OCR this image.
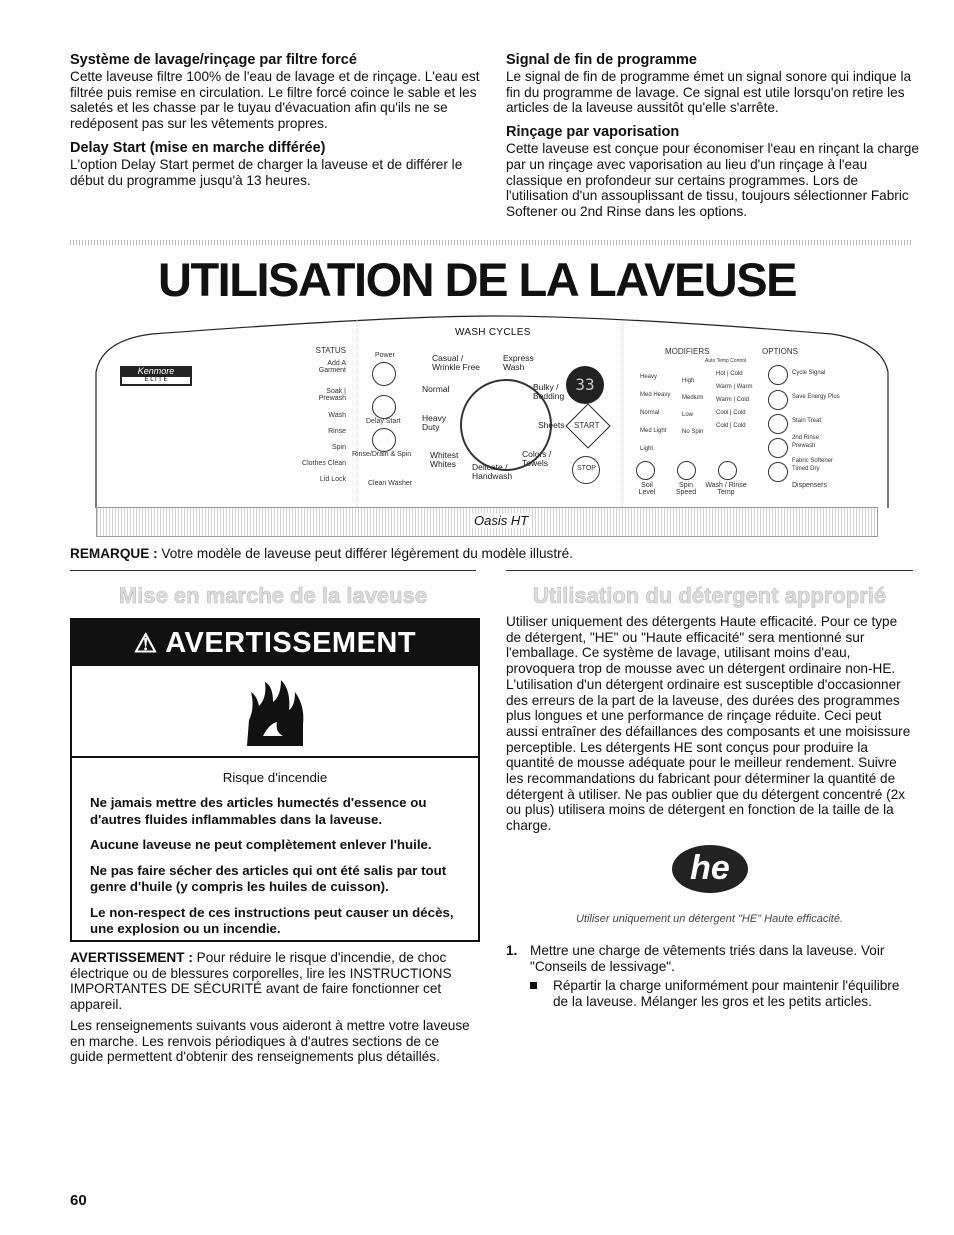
Système de lavage/rinçage par filtre forcé
Cette laveuse filtre 100% de l'eau de lavage et de rinçage. L'eau est filtrée puis remise en circulation. Le filtre forcé coince le sable et les saletés et les chasse par le tuyau d'évacuation afin qu'ils ne se redéposent pas sur les vêtements propres.
Delay Start (mise en marche différée)
L'option Delay Start permet de charger la laveuse et de différer le début du programme jusqu'à 13 heures.
Signal de fin de programme
Le signal de fin de programme émet un signal sonore qui indique la fin du programme de lavage. Ce signal est utile lorsqu'on retire les articles de la laveuse aussitôt qu'elle s'arrête.
Rinçage par vaporisation
Cette laveuse est conçue pour économiser l'eau en rinçant la charge par un rinçage avec vaporisation au lieu d'un rinçage à l'eau classique en profondeur sur certains programmes. Lors de l'utilisation d'un assouplissant de tissu, toujours sélectionner Fabric Softener ou 2nd Rinse dans les options.
UTILISATION DE LA LAVEUSE
Kenmore
E L I T E
WASH CYCLES
STATUS
Add A Garment
Soak | Prewash
Wash
Rinse
Spin
Clothes Clean
Lid Lock
Power
Delay Start
Rinse/Drain & Spin
Clean Washer
Casual / Wrinkle Free
Express Wash
Bulky / Bedding
Sheets
Colors / Towels
Delicate / Handwash
Whitest Whites
Heavy Duty
Normal	33
START
STOP
MODIFIERS	OPTIONS
Auto Temp Control
Heavy
Med Heavy
Normal
Med Light
Light
High
Medium
Low
No Spin
Hot | Cold
Warm | Warm
Warm | Cold
Cool | Cold
Cold | Cold
Soil Level
Spin Speed
Wash / Rinse Temp
Cycle Signal
Save Energy Plus
Stain Treat
2nd Rinse
Prewash
Fabric Softener
Timed Dry
Dispensers
Oasis HT
REMARQUE : Votre modèle de laveuse peut différer légèrement du modèle illustré.
Mise en marche de la laveuse
⚠ AVERTISSEMENT
Risque d'incendie
Ne jamais mettre des articles humectés d'essence ou d'autres fluides inflammables dans la laveuse.
Aucune laveuse ne peut complètement enlever l'huile.
Ne pas faire sécher des articles qui ont été salis par tout genre d'huile (y compris les huiles de cuisson).
Le non-respect de ces instructions peut causer un décès, une explosion ou un incendie.
AVERTISSEMENT : Pour réduire le risque d'incendie, de choc électrique ou de blessures corporelles, lire les INSTRUCTIONS IMPORTANTES DE SÉCURITÉ avant de faire fonctionner cet appareil.
Les renseignements suivants vous aideront à mettre votre laveuse en marche. Les renvois périodiques à d'autres sections de ce guide permettent d'obtenir des renseignements plus détaillés.
Utilisation du détergent approprié
Utiliser uniquement des détergents Haute efficacité. Pour ce type de détergent, "HE" ou "Haute efficacité" sera mentionné sur l'emballage. Ce système de lavage, utilisant moins d'eau, provoquera trop de mousse avec un détergent ordinaire non-HE. L'utilisation d'un détergent ordinaire est susceptible d'occasionner des erreurs de la part de la laveuse, des durées des programmes plus longues et une performance de rinçage réduite. Ceci peut aussi entraîner des défaillances des composants et une moisissure perceptible. Les détergents HE sont conçus pour produire la quantité de mousse adéquate pour le meilleur rendement. Suivre les recommandations du fabricant pour déterminer la quantité de détergent à utiliser. Ne pas oublier que du détergent concentré (2x ou plus) utilisera moins de détergent en fonction de la taille de la charge.
he
Utiliser uniquement un détergent "HE" Haute efficacité.
1. Mettre une charge de vêtements triés dans la laveuse. Voir "Conseils de lessivage".
Répartir la charge uniformément pour maintenir l'équilibre de la laveuse. Mélanger les gros et les petits articles.
60
